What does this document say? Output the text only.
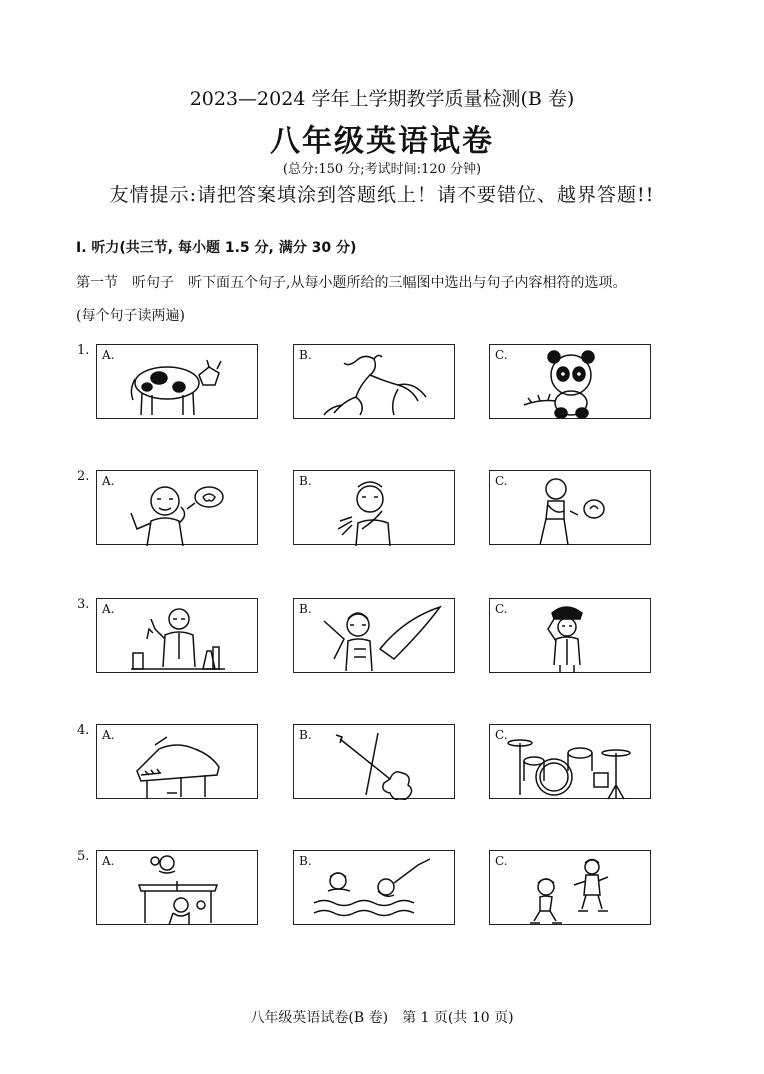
2023—2024 学年上学期教学质量检测(B 卷)
八年级英语试卷
(总分:150 分;考试时间:120 分钟)
友情提示:请把答案填涂到答题纸上！请不要错位、越界答题!!
Ⅰ. 听力(共三节, 每小题 1.5 分, 满分 30 分)
第一节　听句子　听下面五个句子,从每小题所给的三幅图中选出与句子内容相符的选项。
(每个句子读两遍)
1. A.	B.	C.
2. A.	B.	C.
3. A.	B.	C.
4. A.	B.	C.
5. A.	B.	C.
八年级英语试卷(B 卷)　第 1 页(共 10 页)
